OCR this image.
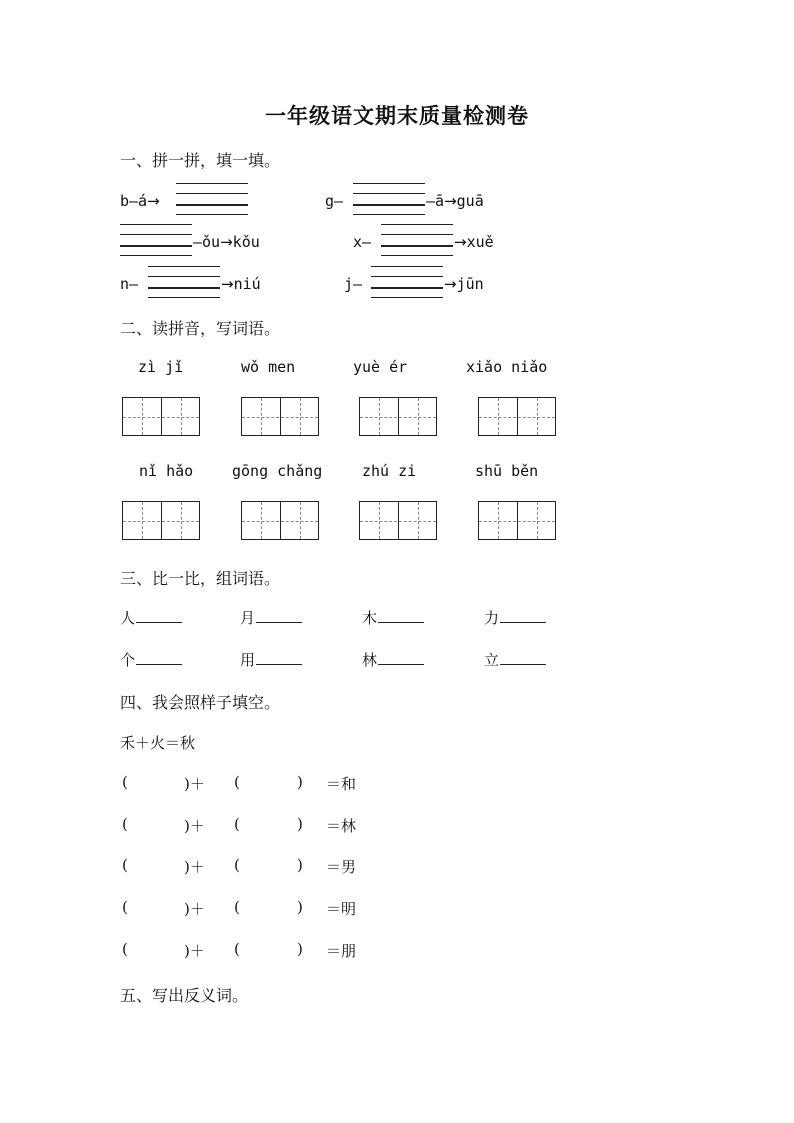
一年级语文期末质量检测卷
一、拼一拼，填一填。
b—á→	g—	—ā→guā
—ǒu→kǒu	x—	→xuě
n—	→niú	j—	→jūn
二、读拼音，写词语。
zì jǐ	wǒ men	yuè ér	xiǎo niǎo
nǐ hǎo	gōng chǎng	zhú zi	shū běn
三、比一比，组词语。
人	月	木	力
个	用	林	立
四、我会照样子填空。
禾＋火＝秋
(	)＋ (	) ＝和
(	)＋ (	) ＝林
(	)＋ (	) ＝男
(	)＋ (	) ＝明
(	)＋ (	) ＝朋
五、写出反义词。
